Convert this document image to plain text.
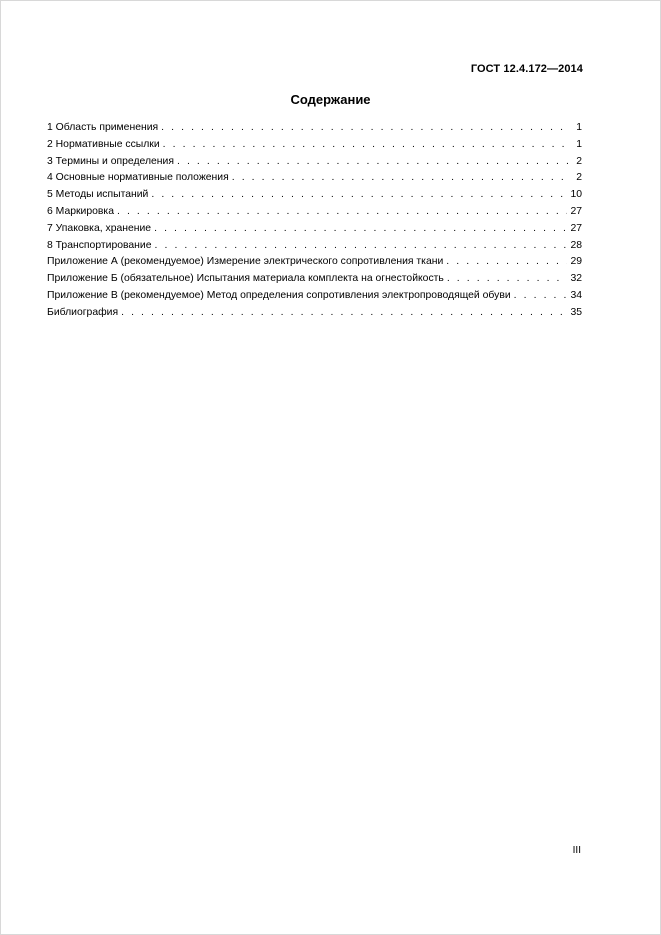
ГОСТ 12.4.172—2014
Содержание
1 Область применения . . .	1
2 Нормативные ссылки . . .	1
3 Термины и определения . . .	2
4 Основные нормативные положения . . .	2
5 Методы испытаний . . .	10
6 Маркировка . . .	27
7 Упаковка, хранение . . .	27
8 Транспортирование . . .	28
Приложение А (рекомендуемое) Измерение электрического сопротивления ткани . . .	29
Приложение Б (обязательное) Испытания материала комплекта на огнестойкость . . .	32
Приложение В (рекомендуемое) Метод определения сопротивления электропроводящей обуви . . .	34
Библиография . . .	35
III
